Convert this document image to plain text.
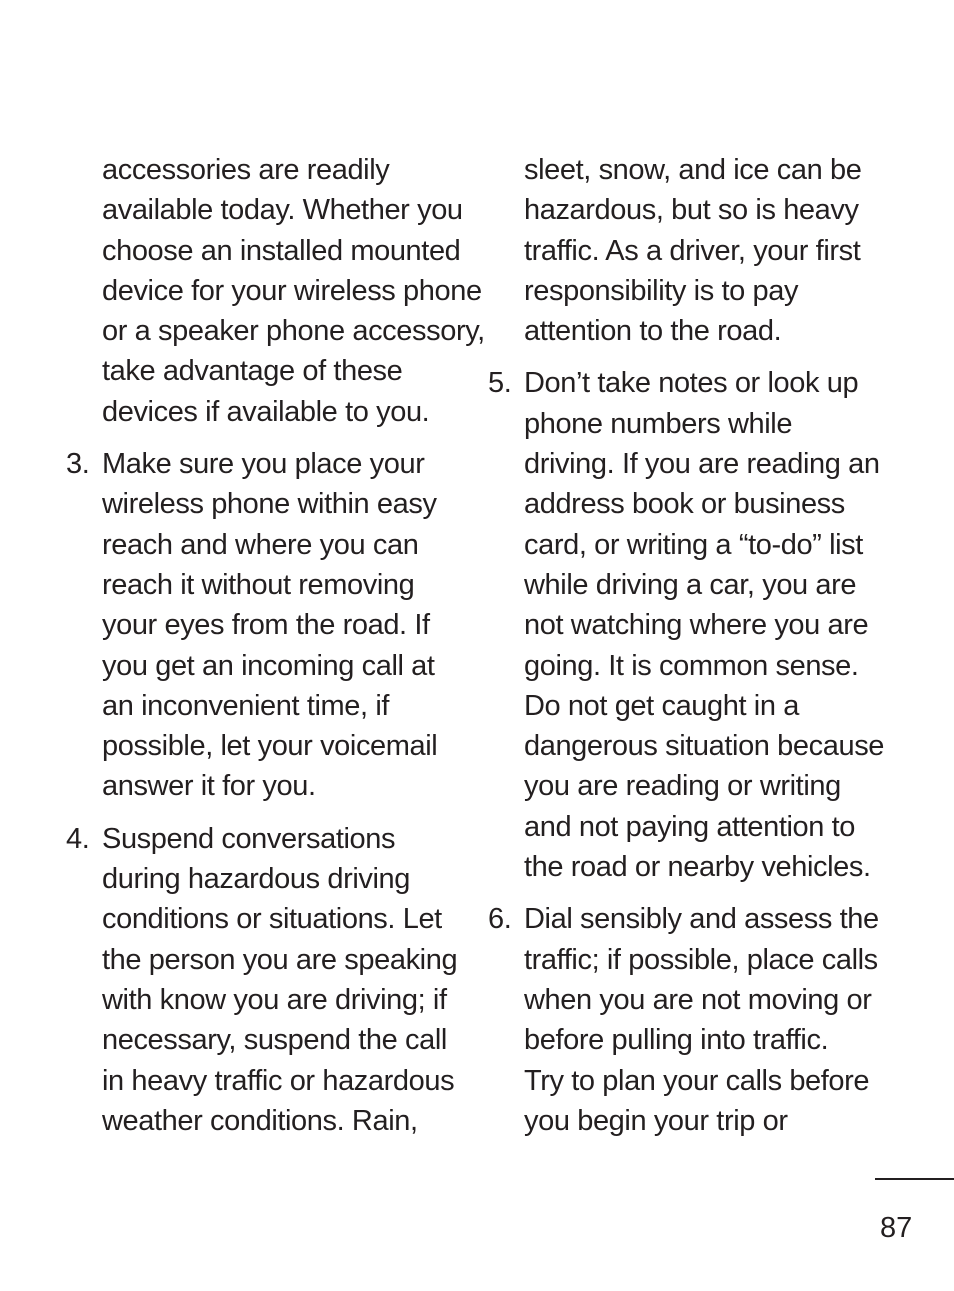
accessories are readily
available today. Whether you
choose an installed mounted
device for your wireless phone
or a speaker phone accessory,
take advantage of these
devices if available to you.
3. Make sure you place your
wireless phone within easy
reach and where you can
reach it without removing
your eyes from the road. If
you get an incoming call at
an inconvenient time, if
possible, let your voicemail
answer it for you.
4. Suspend conversations
during hazardous driving
conditions or situations. Let
the person you are speaking
with know you are driving; if
necessary, suspend the call
in heavy traffic or hazardous
weather conditions. Rain,
sleet, snow, and ice can be
hazardous, but so is heavy
traffic. As a driver, your first
responsibility is to pay
attention to the road.
5. Don’t take notes or look up
phone numbers while
driving. If you are reading an
address book or business
card, or writing a “to-do” list
while driving a car, you are
not watching where you are
going. It is common sense.
Do not get caught in a
dangerous situation because
you are reading or writing
and not paying attention to
the road or nearby vehicles.
6. Dial sensibly and assess the
traffic; if possible, place calls
when you are not moving or
before pulling into traffic.
Try to plan your calls before
you begin your trip or
87
